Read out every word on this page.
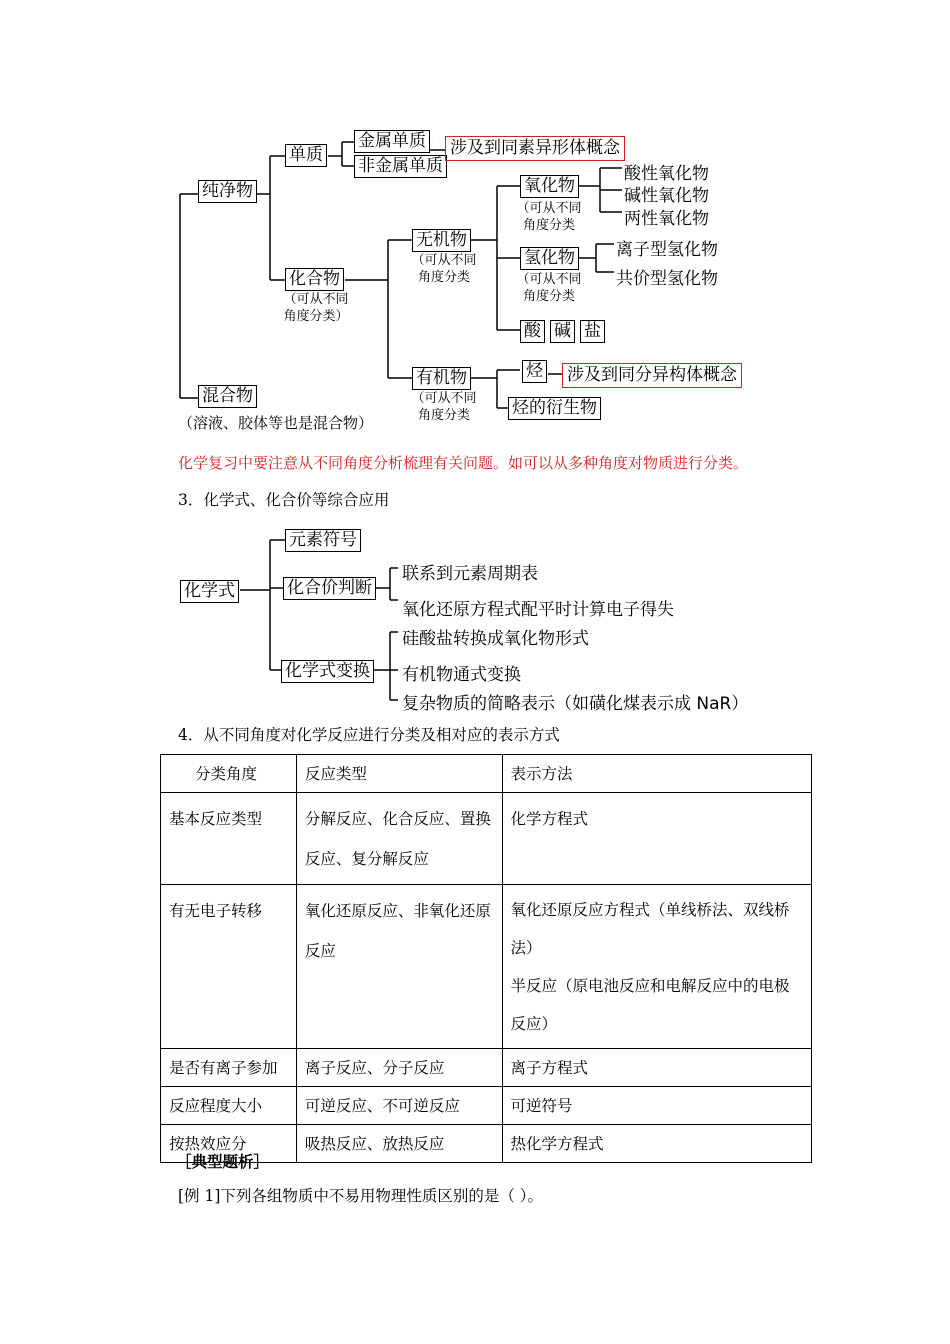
纯净物
混合物
（溶液、胶体等也是混合物）
单质
金属单质
非金属单质
涉及到同素异形体概念
化合物
（可从不同
角度分类）
无机物
（可从不同
角度分类
有机物
（可从不同
角度分类
氧化物
（可从不同
角度分类
酸性氧化物
碱性氧化物
两性氧化物
氢化物
（可从不同
角度分类
离子型氢化物
共价型氢化物
酸 碱 盐
烃 涉及到同分异构体概念
烃的衍生物
化学复习中要注意从不同角度分析梳理有关问题。如可以从多种角度对物质进行分类。
3．化学式、化合价等综合应用
化学式
元素符号
化合价判断
化学式变换
联系到元素周期表
氧化还原方程式配平时计算电子得失
硅酸盐转换成氧化物形式
有机物通式变换
复杂物质的简略表示（如磺化煤表示成 NaR）
4．从不同角度对化学反应进行分类及相对应的表示方式
分类角度	反应类型	表示方法
基本反应类型	分解反应、化合反应、置换反应、复分解反应	化学方程式
有无电子转移	氧化还原反应、非氧化还原反应	氧化还原反应方程式（单线桥法、双线桥法）
半反应（原电池反应和电解反应中的电极反应）

是否有离子参加	离子反应、分子反应	离子方程式
反应程度大小	可逆反应、不可逆反应	可逆符号
按热效应分	吸热反应、放热反应	热化学方程式
［典型题析］
[例 1]下列各组物质中不易用物理性质区别的是（ ）。
